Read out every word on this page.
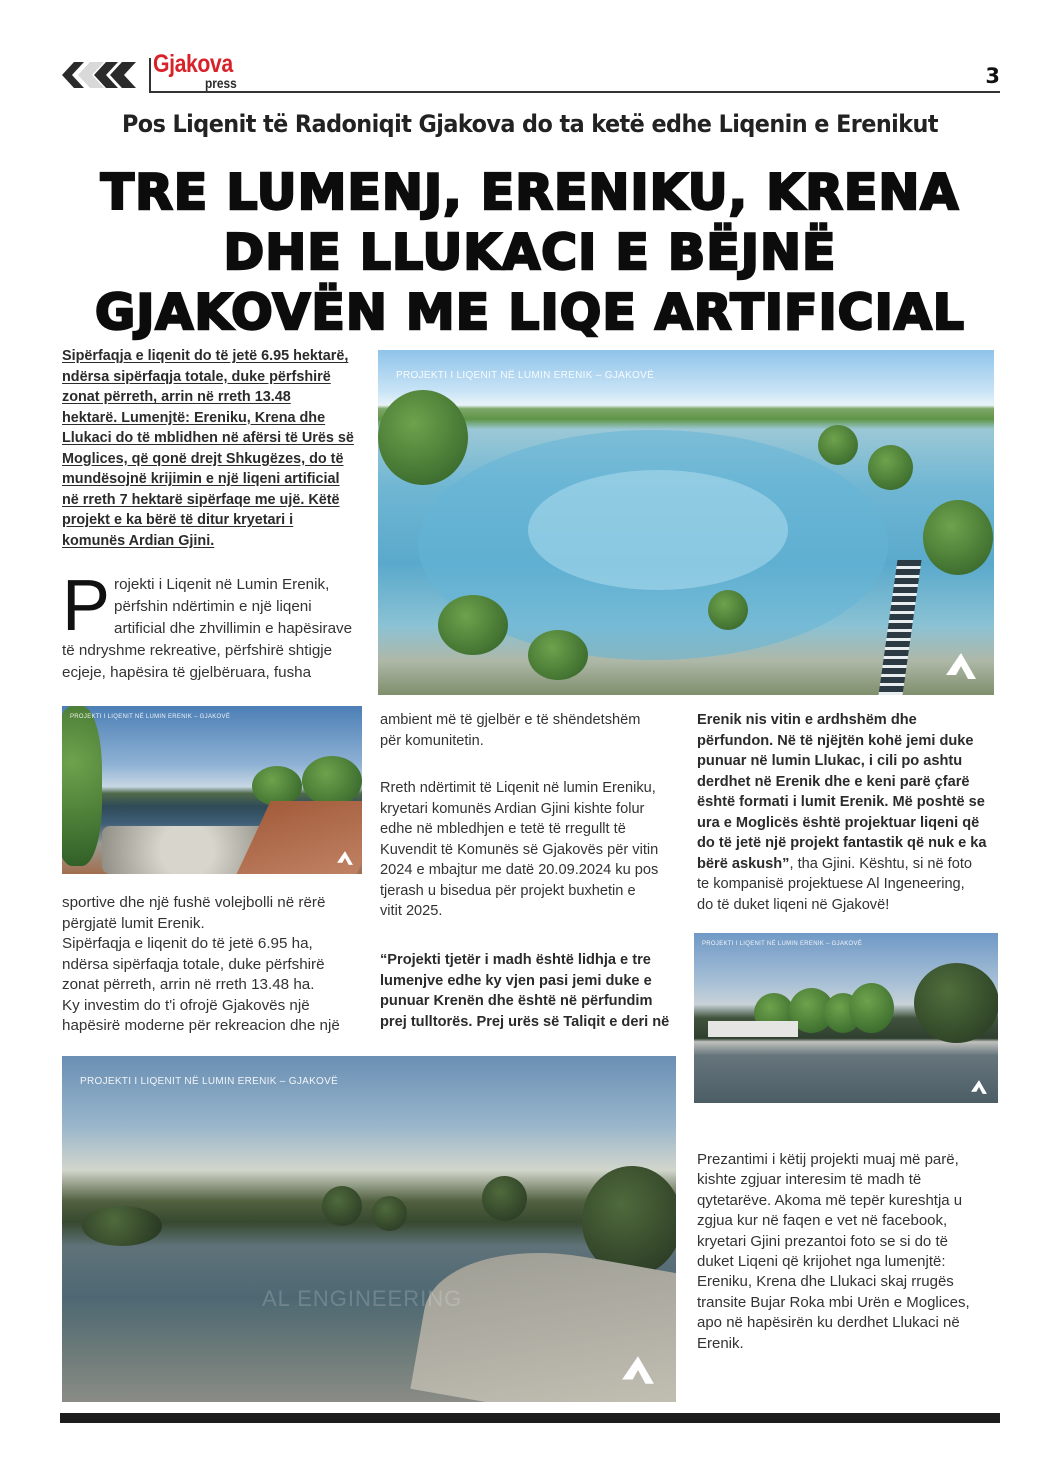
Gjakova
press	3
Pos Liqenit të Radoniqit Gjakova do ta ketë edhe Liqenin e Erenikut
TRE LUMENJ, ERENIKU, KRENA
DHE LLUKACI E BËJNË
GJAKOVËN ME LIQE ARTIFICIAL
Sipërfaqja e liqenit do të jetë 6.95 hektarë,
ndërsa sipërfaqja totale, duke përfshirë
zonat përreth, arrin në rreth 13.48
hektarë. Lumenjtë: Ereniku, Krena dhe
Llukaci do të mblidhen në afërsi të Urës së
Moglices, që qonë drejt Shkugëzes, do të
mundësojnë krijimin e një liqeni artificial
në rreth 7 hektarë sipërfaqe me ujë. Këtë
projekt e ka bërë të ditur kryetari i
komunës Ardian Gjini.
P rojekti i Liqenit në Lumin Erenik, përfshin ndërtimin e një liqeni artificial dhe zhvillimin e hapësirave të ndryshme rekreative, përfshirë shtigje ecjeje, hapësira të gjelbëruara, fusha
PROJEKTI I LIQENIT NË LUMIN ERENIK – GJAKOVË
PROJEKTI I LIQENIT NË LUMIN ERENIK – GJAKOVË
sportive dhe një fushë volejbolli në rërë
përgjatë lumit Erenik.
Sipërfaqja e liqenit do të jetë 6.95 ha,
ndërsa sipërfaqja totale, duke përfshirë
zonat përreth, arrin në rreth 13.48 ha.
Ky investim do t'i ofrojë Gjakovës një
hapësirë moderne për rekreacion dhe një
ambient më të gjelbër e të shëndetshëm
për komunitetin.
Rreth ndërtimit të Liqenit në lumin Ereniku,
kryetari komunës Ardian Gjini kishte folur
edhe në mbledhjen e tetë të rregullt të
Kuvendit të Komunës së Gjakovës për vitin
2024 e mbajtur me datë 20.09.2024 ku pos
tjerash u bisedua për projekt buxhetin e
vitit 2025.
“Projekti tjetër i madh është lidhja e tre
lumenjve edhe ky vjen pasi jemi duke e
punuar Krenën dhe është në përfundim
prej tulltorës. Prej urës së Taliqit e deri në
Erenik nis vitin e ardhshëm dhe
përfundon. Në të njëjtën kohë jemi duke
punuar në lumin Llukac, i cili po ashtu
derdhet në Erenik dhe e keni parë çfarë
është formati i lumit Erenik. Më poshtë se
ura e Moglicës është projektuar liqeni që
do të jetë një projekt fantastik që nuk e ka
bërë askush”, tha Gjini. Kështu, si në foto
te kompanisë projektuese Al Ingeneering,
do të duket liqeni në Gjakovë!
PROJEKTI I LIQENIT NË LUMIN ERENIK – GJAKOVË
Prezantimi i këtij projekti muaj më parë,
kishte zgjuar interesim të madh të
qytetarëve. Akoma më tepër kureshtja u
zgjua kur në faqen e vet në facebook,
kryetari Gjini prezantoi foto se si do të
duket Liqeni që krijohet nga lumenjtë:
Ereniku, Krena dhe Llukaci skaj rrugës
transite Bujar Roka mbi Urën e Moglices,
apo në hapësirën ku derdhet Llukaci në
Erenik.
PROJEKTI I LIQENIT NË LUMIN ERENIK – GJAKOVË
AL ENGINEERING
